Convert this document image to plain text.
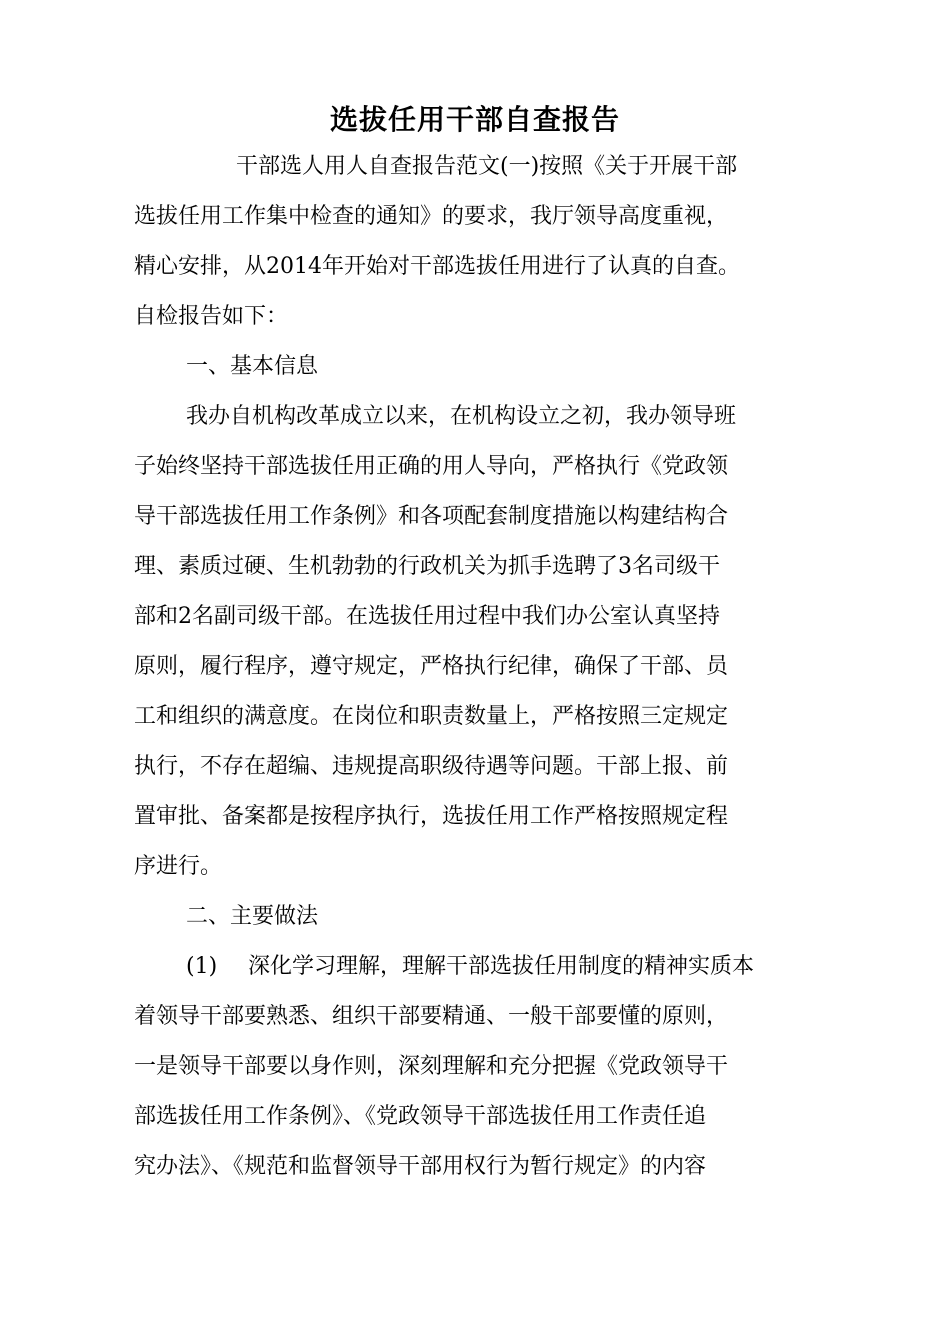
选拔任用干部自查报告
干部选人用人自查报告范文(一)按照《关于开展干部
选拔任用工作集中检查的通知》的要求，我厅领导高度重视，
精心安排，从2014年开始对干部选拔任用进行了认真的自查。
自检报告如下：
一、基本信息
我办自机构改革成立以来，在机构设立之初，我办领导班
子始终坚持干部选拔任用正确的用人导向，严格执行《党政领
导干部选拔任用工作条例》和各项配套制度措施以构建结构合
理、素质过硬、生机勃勃的行政机关为抓手选聘了3名司级干
部和2名副司级干部。在选拔任用过程中我们办公室认真坚持
原则，履行程序，遵守规定，严格执行纪律，确保了干部、员
工和组织的满意度。在岗位和职责数量上，严格按照三定规定
执行，不存在超编、违规提高职级待遇等问题。干部上报、前
置审批、备案都是按程序执行，选拔任用工作严格按照规定程
序进行。
二、主要做法
(1) 深化学习理解，理解干部选拔任用制度的精神实质本
着领导干部要熟悉、组织干部要精通、一般干部要懂的原则，
一是领导干部要以身作则，深刻理解和充分把握《党政领导干
部选拔任用工作条例》、《党政领导干部选拔任用工作责任追
究办法》、《规范和监督领导干部用权行为暂行规定》的内容
